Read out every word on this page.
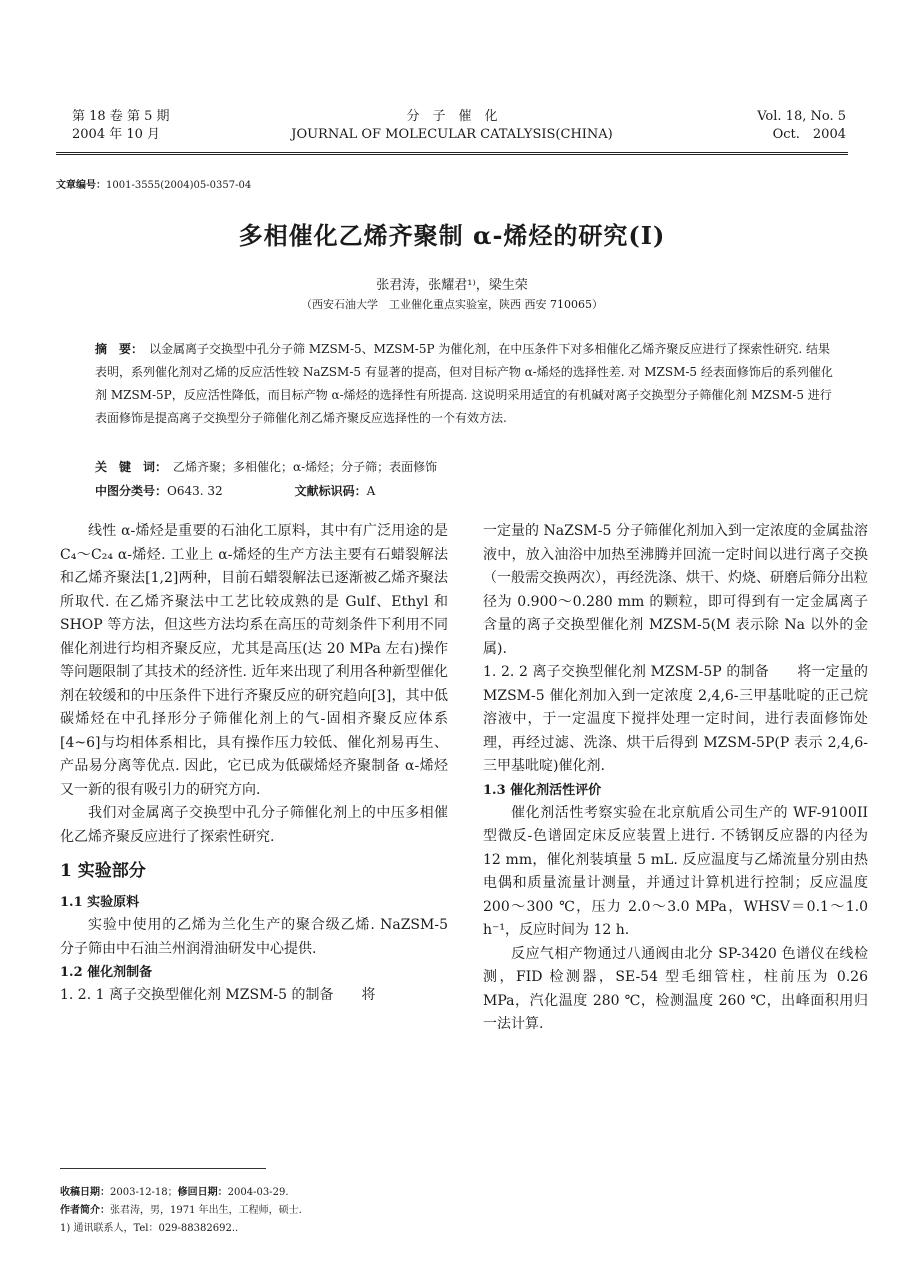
第 18 卷 第 5 期
2004 年 10 月
分　子　催　化
JOURNAL OF MOLECULAR CATALYSIS(CHINA)
Vol. 18, No. 5
Oct.　2004
文章编号：1001-3555(2004)05-0357-04
多相催化乙烯齐聚制 α-烯烃的研究(I)
张君涛，张耀君¹⁾，梁生荣
（西安石油大学　工业催化重点实验室，陕西 西安 710065）
摘　要： 以金属离子交换型中孔分子筛 MZSM-5、MZSM-5P 为催化剂，在中压条件下对多相催化乙烯齐聚反应进行了探索性研究. 结果表明，系列催化剂对乙烯的反应活性较 NaZSM-5 有显著的提高，但对目标产物 α-烯烃的选择性差. 对 MZSM-5 经表面修饰后的系列催化剂 MZSM-5P，反应活性降低，而目标产物 α-烯烃的选择性有所提高. 这说明采用适宜的有机碱对离子交换型分子筛催化剂 MZSM-5 进行表面修饰是提高离子交换型分子筛催化剂乙烯齐聚反应选择性的一个有效方法.
关　键　词： 乙烯齐聚；多相催化；α-烯烃；分子筛；表面修饰
中图分类号：O643. 32	文献标识码：A

线性 α-烯烃是重要的石油化工原料，其中有广泛用途的是 C₄～C₂₄ α-烯烃. 工业上 α-烯烃的生产方法主要有石蜡裂解法和乙烯齐聚法[1,2]两种，目前石蜡裂解法已逐渐被乙烯齐聚法所取代. 在乙烯齐聚法中工艺比较成熟的是 Gulf、Ethyl 和 SHOP 等方法，但这些方法均系在高压的苛刻条件下利用不同催化剂进行均相齐聚反应，尤其是高压(达 20 MPa 左右)操作等问题限制了其技术的经济性. 近年来出现了利用各种新型催化剂在较缓和的中压条件下进行齐聚反应的研究趋向[3]，其中低碳烯烃在中孔择形分子筛催化剂上的气-固相齐聚反应体系[4~6]与均相体系相比，具有操作压力较低、催化剂易再生、产品易分离等优点. 因此，它已成为低碳烯烃齐聚制备 α-烯烃又一新的很有吸引力的研究方向.

我们对金属离子交换型中孔分子筛催化剂上的中压多相催化乙烯齐聚反应进行了探索性研究.

1 实验部分
1.1 实验原料

实验中使用的乙烯为兰化生产的聚合级乙烯. NaZSM-5 分子筛由中石油兰州润滑油研发中心提供.

1.2 催化剂制备

1. 2. 1 离子交换型催化剂 MZSM-5 的制备　　将

一定量的 NaZSM-5 分子筛催化剂加入到一定浓度的金属盐溶液中，放入油浴中加热至沸腾并回流一定时间以进行离子交换（一般需交换两次），再经洗涤、烘干、灼烧、研磨后筛分出粒径为 0.900～0.280 mm 的颗粒，即可得到有一定金属离子含量的离子交换型催化剂 MZSM-5(M 表示除 Na 以外的金属).

1. 2. 2 离子交换型催化剂 MZSM-5P 的制备　　将一定量的 MZSM-5 催化剂加入到一定浓度 2,4,6-三甲基吡啶的正己烷溶液中，于一定温度下搅拌处理一定时间，进行表面修饰处理，再经过滤、洗涤、烘干后得到 MZSM-5P(P 表示 2,4,6-三甲基吡啶)催化剂.

1.3 催化剂活性评价

催化剂活性考察实验在北京航盾公司生产的 WF-9100II 型微反-色谱固定床反应装置上进行. 不锈钢反应器的内径为 12 mm，催化剂装填量 5 mL. 反应温度与乙烯流量分别由热电偶和质量流量计测量，并通过计算机进行控制；反应温度 200～300 ℃，压力 2.0～3.0 MPa，WHSV＝0.1～1.0 h⁻¹，反应时间为 12 h.

反应气相产物通过八通阀由北分 SP-3420 色谱仪在线检测，FID 检测器，SE-54 型毛细管柱，柱前压为 0.26 MPa，汽化温度 280 ℃，检测温度 260 ℃，出峰面积用归一法计算.

收稿日期：2003-12-18；修回日期：2004-03-29.
作者简介：张君涛，男，1971 年出生，工程师，硕士.
1) 通讯联系人，Tel：029-88382692..
